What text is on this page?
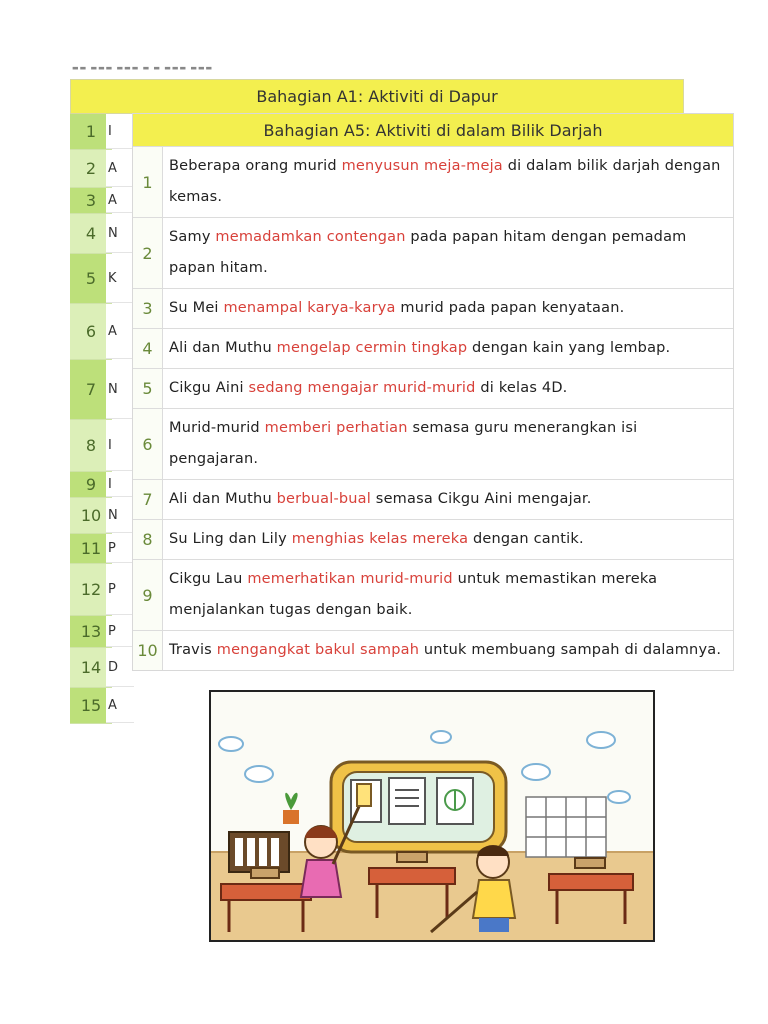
▬▬ ▬▬▬ ▬▬▬ ▬ ▬ ▬▬▬ ▬▬▬
Bahagian A1: Aktiviti di Dapur
1 I
2 A
3 A
4 N
5 K
6 A
7 N
8 I
9 I
10 N
11 P
12 P
13 P
14 D
15 A
Bahagian A5: Aktiviti di dalam Bilik Darjah
1
Beberapa orang murid menyusun meja-meja di dalam bilik darjah dengan kemas.
2
Samy memadamkan contengan pada papan hitam dengan pemadam papan hitam.
3	Su Mei menampal karya-karya murid pada papan kenyataan.
4	Ali dan Muthu mengelap cermin tingkap dengan kain yang lembap.
5	Cikgu Aini sedang mengajar murid-murid di kelas 4D.
6
Murid-murid memberi perhatian semasa guru menerangkan isi pengajaran.
7	Ali dan Muthu berbual-bual semasa Cikgu Aini mengajar.
8	Su Ling dan Lily menghias kelas mereka dengan cantik.
9
Cikgu Lau memerhatikan murid-murid untuk memastikan mereka menjalankan tugas dengan baik.
10 Travis mengangkat bakul sampah untuk membuang sampah di dalamnya.
